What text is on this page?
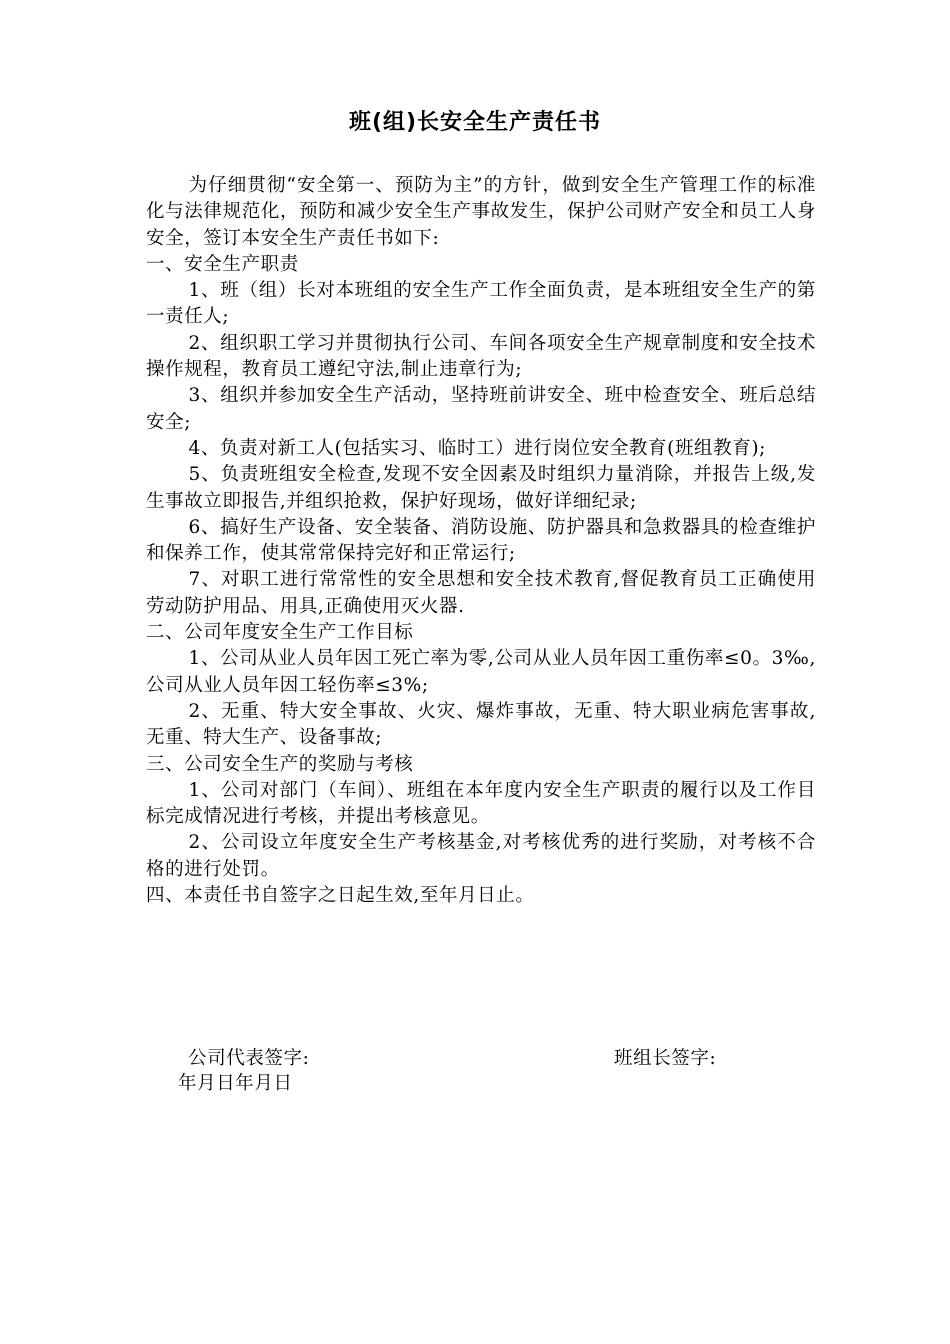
班(组)长安全生产责任书

为仔细贯彻“安全第一、预防为主”的方针，做到安全生产管理工作的标准化与法律规范化，预防和减少安全生产事故发生，保护公司财产安全和员工人身安全，签订本安全生产责任书如下:

一、安全生产职责

1、班（组）长对本班组的安全生产工作全面负责，是本班组安全生产的第一责任人;

2、组织职工学习并贯彻执行公司、车间各项安全生产规章制度和安全技术操作规程，教育员工遵纪守法,制止违章行为;

3、组织并参加安全生产活动，坚持班前讲安全、班中检查安全、班后总结安全;

4、负责对新工人(包括实习、临时工）进行岗位安全教育(班组教育);

5、负责班组安全检查,发现不安全因素及时组织力量消除，并报告上级,发生事故立即报告,并组织抢救，保护好现场，做好详细纪录;

6、搞好生产设备、安全装备、消防设施、防护器具和急救器具的检查维护和保养工作，使其常常保持完好和正常运行;

7、对职工进行常常性的安全思想和安全技术教育,督促教育员工正确使用劳动防护用品、用具,正确使用灭火器.

二、公司年度安全生产工作目标

1、公司从业人员年因工死亡率为零,公司从业人员年因工重伤率≤0。3‰,公司从业人员年因工轻伤率≤3%;

2、无重、特大安全事故、火灾、爆炸事故，无重、特大职业病危害事故,无重、特大生产、设备事故;

三、公司安全生产的奖励与考核

1、公司对部门（车间）、班组在本年度内安全生产职责的履行以及工作目标完成情况进行考核，并提出考核意见。

2、公司设立年度安全生产考核基金,对考核优秀的进行奖励，对考核不合格的进行处罚。

四、本责任书自签字之日起生效,至年月日止。

公司代表签字:	班组长签字:
年月日年月日
